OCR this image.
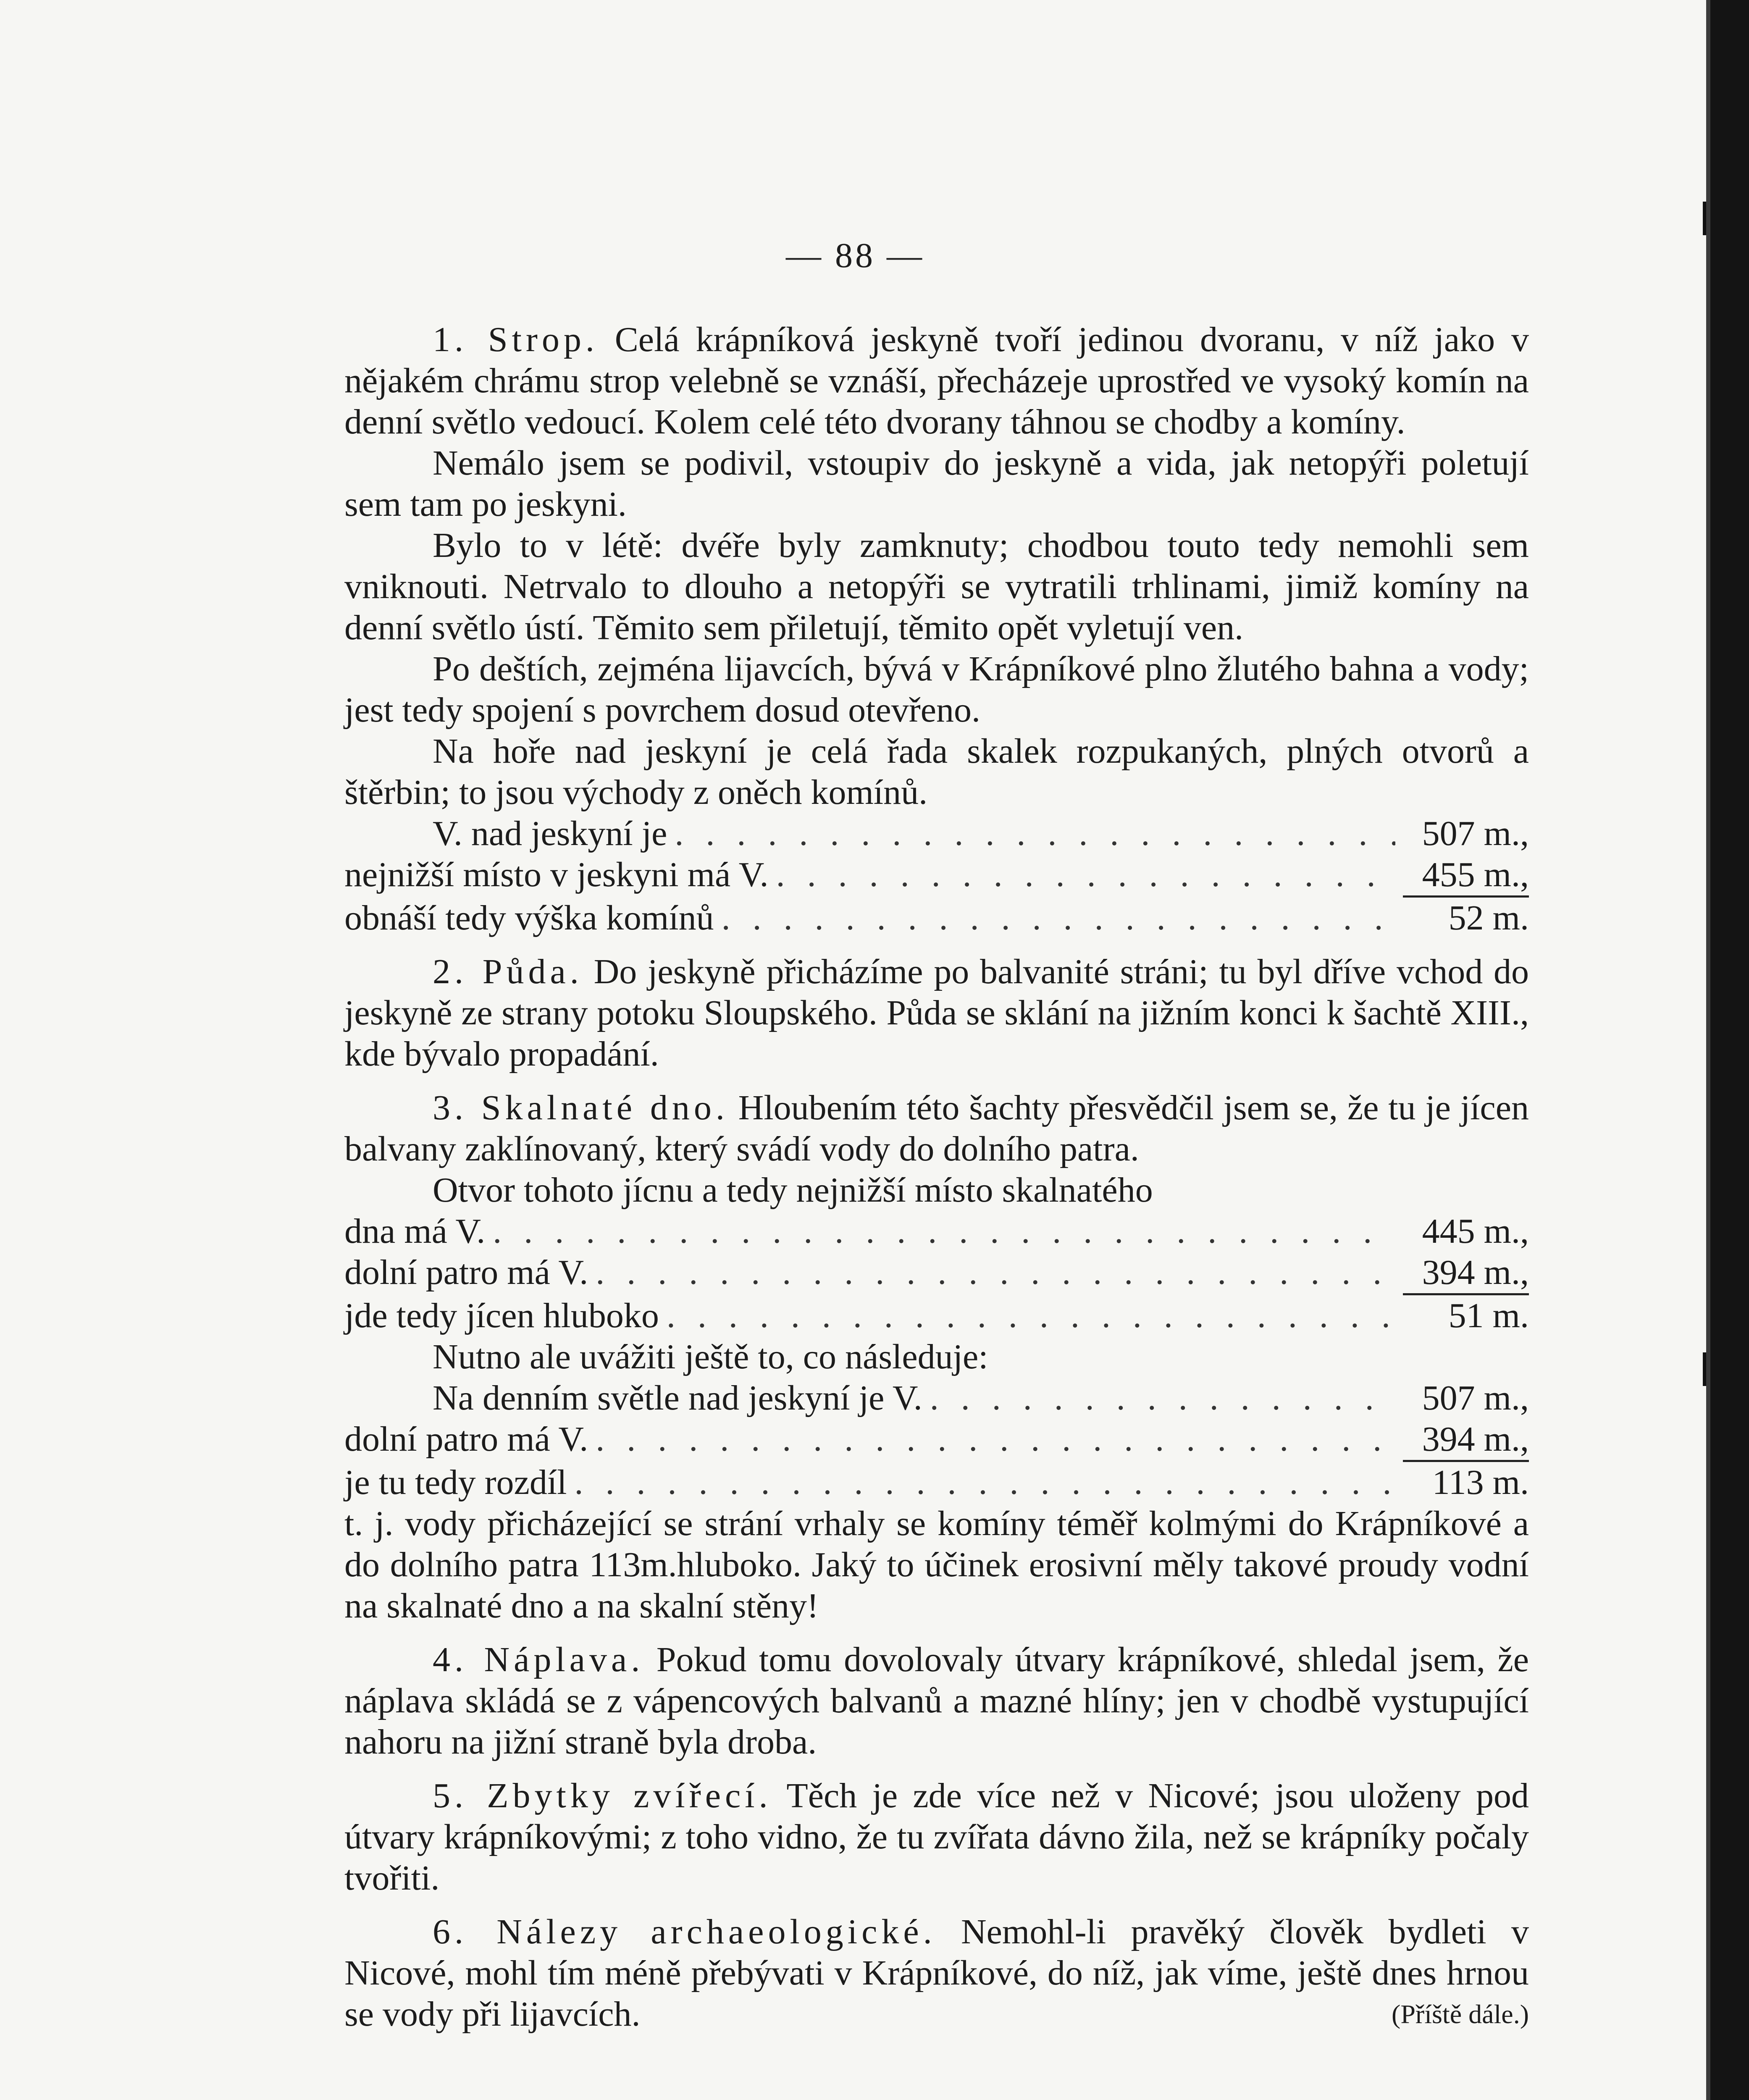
— 88 —

1. Strop. Celá krápníková jeskyně tvoří jedinou dvoranu, v níž jako v nějakém chrámu strop velebně se vznáší, přecházeje uprostřed ve vysoký komín na denní světlo vedoucí. Kolem celé této dvorany táhnou se chodby a komíny.

Nemálo jsem se podivil, vstoupiv do jeskyně a vida, jak netopýři poletují sem tam po jeskyni.

Bylo to v létě: dvéře byly zamknuty; chodbou touto tedy nemohli sem vniknouti. Netrvalo to dlouho a netopýři se vytratili trhlinami, jimiž komíny na denní světlo ústí. Těmito sem přiletují, těmito opět vyletují ven.

Po deštích, zejména lijavcích, bývá v Krápníkové plno žlutého bahna a vody; jest tedy spojení s povrchem dosud otevřeno.

Na hoře nad jeskyní je celá řada skalek rozpukaných, plných otvorů a štěrbin; to jsou východy z oněch komínů.

V. nad jeskyní je . . .	507 m.,
nejnižší místo v jeskyni má V. . . .	455 m.,
obnáší tedy výška komínů . . .	52 m.

2. Půda. Do jeskyně přicházíme po balvanité stráni; tu byl dříve vchod do jeskyně ze strany potoku Sloupského. Půda se sklání na jižním konci k šachtě XIII., kde bývalo propadání.

3. Skalnaté dno. Hloubením této šachty přesvědčil jsem se, že tu je jícen balvany zaklínovaný, který svádí vody do dolního patra.

Otvor tohoto jícnu a tedy nejnižší místo skalnatého

dna má V. . . .	445 m.,
dolní patro má V. . . .	394 m.,
jde tedy jícen hluboko . . .	51 m.

Nutno ale uvážiti ještě to, co následuje:

Na denním světle nad jeskyní je V. . . .	507 m.,
dolní patro má V. . . .	394 m.,
je tu tedy rozdíl . . .	113 m.

t. j. vody přicházející se strání vrhaly se komíny téměř kolmými do Krápníkové a do dolního patra 113m.hluboko. Jaký to účinek erosivní měly takové proudy vodní na skalnaté dno a na skalní stěny!

4. Náplava. Pokud tomu dovolovaly útvary krápníkové, shledal jsem, že náplava skládá se z vápencových balvanů a mazné hlíny; jen v chodbě vystupující nahoru na jižní straně byla droba.

5. Zbytky zvířecí. Těch je zde více než v Nicové; jsou uloženy pod útvary krápníkovými; z toho vidno, že tu zvířata dávno žila, než se krápníky počaly tvořiti.

6. Nálezy archaeologické. Nemohl-li pravěký člověk bydleti v Nicové, mohl tím méně přebývati v Krápníkové, do níž, jak víme, ještě dnes hrnou se vody při lijavcích.	(Příště dále.)
